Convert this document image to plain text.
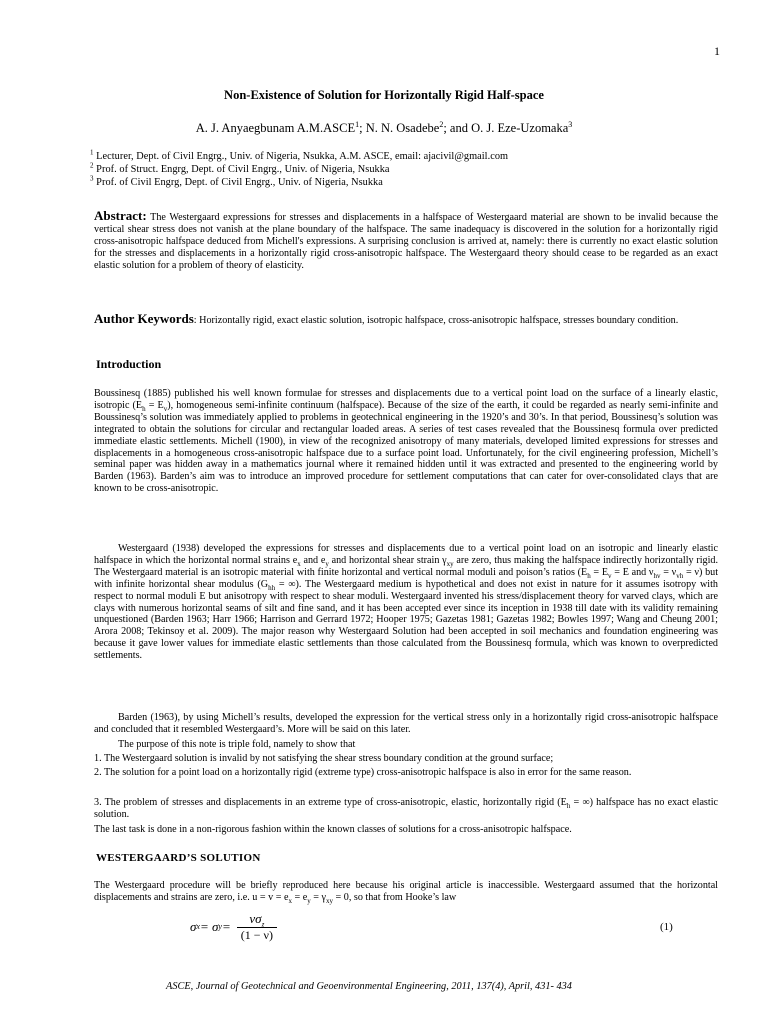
1
Non-Existence of Solution for Horizontally Rigid Half-space
A. J. Anyaegbunam A.M.ASCE$^1$; N. N. Osadebe$^2$; and O. J. Eze-Uzomaka$^3$
$^1$ Lecturer, Dept. of Civil Engrg., Univ. of Nigeria, Nsukka, A.M. ASCE, email: ajacivil@gmail.com
$^2$ Prof. of Struct. Engrg, Dept. of Civil Engrg., Univ. of Nigeria, Nsukka
$^3$ Prof. of Civil Engrg, Dept. of Civil Engrg., Univ. of Nigeria, Nsukka
Abstract: The Westergaard expressions for stresses and displacements in a halfspace of Westergaard material are shown to be invalid because the vertical shear stress does not vanish at the plane boundary of the halfspace. The same inadequacy is discovered in the solution for a horizontally rigid cross-anisotropic halfspace deduced from Michell's expressions. A surprising conclusion is arrived at, namely: there is currently no exact elastic solution for the stresses and displacements in a horizontally rigid cross-anisotropic halfspace. The Westergaard theory should cease to be regarded as an exact elastic solution for a problem of theory of elasticity.
Author Keywords: Horizontally rigid, exact elastic solution, isotropic halfspace, cross-anisotropic halfspace, stresses boundary condition.
Introduction
Boussinesq (1885) published his well known formulae for stresses and displacements due to a vertical point load on the surface of a linearly elastic, isotropic $(E_h = E_v)$, homogeneous semi-infinite continuum (halfspace). Because of the size of the earth, it could be regarded as nearly semi-infinite and Boussinesq’s solution was immediately applied to problems in geotechnical engineering in the 1920’s and 30’s. In that period, Boussinesq’s solution was integrated to obtain the solutions for circular and rectangular loaded areas. A series of test cases revealed that the Boussinesq formula over predicted immediate elastic settlements. Michell (1900), in view of the recognized anisotropy of many materials, developed limited expressions for stresses and displacements in a homogeneous cross-anisotropic halfspace due to a surface point load. Unfortunately, for the civil engineering profession, Michell’s seminal paper was hidden away in a mathematics journal where it remained hidden until it was extracted and presented to the engineering world by Barden (1963). Barden’s aim was to introduce an improved procedure for settlement computations that can cater for over-consolidated clays that are known to be cross-anisotropic.
Westergaard (1938) developed the expressions for stresses and displacements due to a vertical point load on an isotropic and linearly elastic halfspace in which the horizontal normal strains $e_x$ and $e_y$ and horizontal shear strain $\gamma_{xy}$ are zero, thus making the halfspace indirectly horizontally rigid. The Westergaard material is an isotropic material with finite horizontal and vertical normal moduli and poison’s ratios ($E_h = E_v = E$ and $\nu_{hv} = \nu_{vh} = \nu$) but with infinite horizontal shear modulus ($G_{hh}$ = ∞). The Westergaard medium is hypothetical and does not exist in nature for it assumes isotropy with respect to normal moduli E but anisotropy with respect to shear moduli. Westergaard invented his stress/displacement theory for varved clays, which are clays with numerous horizontal seams of silt and fine sand, and it has been accepted ever since its inception in 1938 till date with its validity remaining unquestioned (Barden 1963; Harr 1966; Harrison and Gerrard 1972; Hooper 1975; Gazetas 1981; Gazetas 1982; Bowles 1997; Wang and Cheung 2001; Arora 2008; Tekinsoy et al. 2009). The major reason why Westergaard Solution had been accepted in soil mechanics and foundation engineering was because it gave lower values for immediate elastic settlements than those calculated from the Boussinesq formula, which was known to overpredicted settlements.
Barden (1963), by using Michell’s results, developed the expression for the vertical stress only in a horizontally rigid cross-anisotropic halfspace and concluded that it resembled Westergaard’s. More will be said on this later.
The purpose of this note is triple fold, namely to show that
1. The Westergaard solution is invalid by not satisfying the shear stress boundary condition at the ground surface;
2. The solution for a point load on a horizontally rigid (extreme type) cross-anisotropic halfspace is also in error for the same reason.
3. The problem of stresses and displacements in an extreme type of cross-anisotropic, elastic, horizontally rigid ($E_h$ = ∞) halfspace has no exact elastic solution.
The last task is done in a non-rigorous fashion within the known classes of solutions for a cross-anisotropic halfspace.
WESTERGAARD’S SOLUTION
The Westergaard procedure will be briefly reproduced here because his original article is inaccessible. Westergaard assumed that the horizontal displacements and strains are zero, i.e. $u = v = e_x = e_y = \gamma_{xy} = 0$, so that from Hooke’s law
σ x = σ $y = \frac{\nu\sigma_z}{(1 - \nu)}$	(1)
ASCE, Journal of Geotechnical and Geoenvironmental Engineering, 2011, 137(4), April, 431- 434
